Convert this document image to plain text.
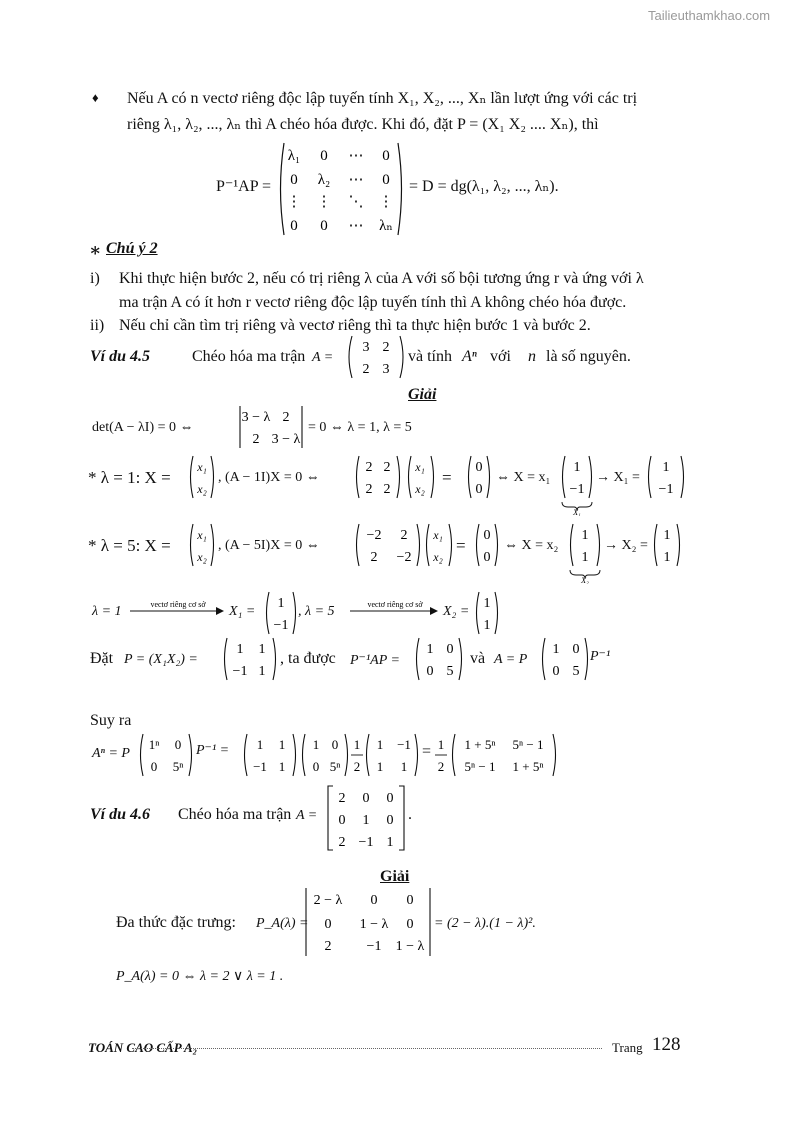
Tailieuthamkhao.com
♦ Nếu A có n vectơ riêng độc lập tuyến tính X₁, X₂, ..., Xₙ lần lượt ứng với các trị
riêng λ₁, λ₂, ..., λₙ thì A chéo hóa được. Khi đó, đặt P = (X₁ X₂ .... Xₙ), thì
P⁻¹AP =
λ₁ 0 ⋯ 0
0 λ₂ ⋯ 0
⋮ ⋮ ⋱ ⋮
0 0 ⋯ λₙ
= D = dg(λ₁, λ₂, ..., λₙ).
∗ Chú ý 2
i) Khi thực hiện bước 2, nếu có trị riêng λ của A với số bội tương ứng r và ứng với λ
ma trận A có ít hơn r vectơ riêng độc lập tuyến tính thì A không chéo hóa được.
ii) Nếu chỉ cần tìm trị riêng và vectơ riêng thì ta thực hiện bước 1 và bước 2.
Ví du 4.5	Chéo hóa ma trận A =
3 2
2 3
và tính Aⁿ với n là số nguyên.
Giải
det(A − λI) = 0 ⇔
3 − λ 2
2 3 − λ
= 0 ⇔ λ = 1, λ = 5
* λ = 1: X =
x₁
x₂
, (A − 1I)X = 0 ⇔
2 2
2 2
x₁
x₂
=
0
0
⇔ X = x₁
1
−1
X₁
→ X₁ =
1
−1
* λ = 5: X =
x₁
x₂
, (A − 5I)X = 0 ⇔
−2 2
2 −2
x₁
x₂
=
0
0
⇔ X = x₂
1
1
X₂
→ X₂ =
1
1
λ = 1	vectơ riêng cơ sở X₁ =
1
−1
, λ = 5	vectơ riêng cơ sở X₂ =
1
1
Đặt P = (X₁X₂) =
1 1
−1 1
, ta được P⁻¹AP =
1 0
0 5
và A = P
1 0
0 5
P⁻¹
Suy ra
Aⁿ = P
1ⁿ 0
0 5ⁿ
P⁻¹ = 1 1
−1 1
1 0
0 5ⁿ
1
2
1 −1
1 1
= 1
2
1 + 5ⁿ 5ⁿ − 1
5ⁿ − 1 1 + 5ⁿ
Ví du 4.6 Chéo hóa ma trận A =
2 0 0
0 1 0
2 −1 1
.
Giải
Đa thức đặc trưng: P_A(λ) =
2 − λ 0 0
0 1 − λ 0
2	−1 1 − λ
= (2 − λ).(1 − λ)².
P_A(λ) = 0 ⇔ λ = 2 ∨ λ = 1 .
TOÁN CAO CẤP A₂	Trang 128
